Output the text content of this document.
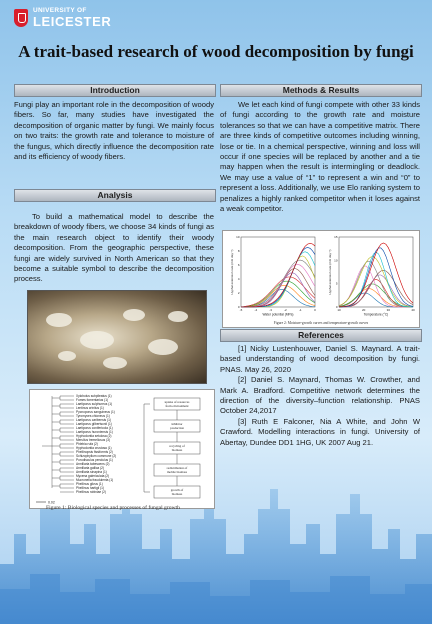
UNIVERSITY OF
LEICESTER
A trait-based research of wood decomposition by fungi
Introduction

Fungi play an important role in the decomposition of woody fibers. So far, many studies have investigated the decomposition of organic matter by fungi. We mainly focus on two traits: the growth rate and tolerance to moisture of the fungus, which directly influence the decomposition rate and its efficiency of woody fibers.

Analysis

To build a mathematical model to describe the breakdown of woody fibers, we choose 34 kinds of fungi as the main research object to identify their woody decomposition. From the geographic perspective, these fungi are widely survived in North American so that they become a suitable symbol to describe the decomposition process.

Xylobolus subpileatus (1)
Fomes fomentarius (1)
Laetiporus sulphureus (1)
Lentinus crinitus (1)
Pycnoporus sanguineus (1)
Tyromyces chioneus (1)
Laetiporus caribensis (1)
Laetiporus gilbertsonii (1)
Laetiporus conifericola (1)
Laetiporus huroniensis (1)
Hyphodontia setulosa (2)
Merulius tremellosus (3)
Phlebia rufa (2)
Hyphodontia crustosa (1)
Phellinopsis fissiformis (2)
Schizophyllum commune (2)
Porodisculus pendulus (1)
Armillaria tabescens (2)
Armillaria gallica (2)
Armillaria sinapina (1)
Mycena galericulata (2)
Mucronella fraudulenta (1)
Phellinus gilvus (1)
Phellinus hartigii (1)
Phellinus robiniae (2)
0.02
uptake of resources
from environment
inhibitor
production
recycling of
biomass
redistribution of
mobile biomass
growth of
biomass
Figure 1: Biological species and processes of fungal growth
Methods & Results

We let each kind of fungi compete with other 33 kinds of fungi according to the growth rate and moisture tolerances so that we can have a competitive matrix. There are three kinds of competitive outcomes including winning, lose or tie. In a chemical perspective, winning and loss will occur if one species will be replaced by another and a tie may happen when the result is intermingling or deadlock. We may use a value of “1” to represent a win and “0” to represent a loss. Additionally, we use Elo ranking system to penalizes a highly ranked competitor when it loses against a weak competitor.

-5	-4	-3	-2	-1	0
0
2
4
6
8
10
Water potential (MPa)
Hyphal extension rate (mm day⁻¹)
10	20	30	40
0
5
10
15
Temperature (°C)
Hyphal extension rate (mm day⁻¹)
Figure 2: Moisture-growth curves and temperature-growth curves
References

[1] Nicky Lustenhouwer, Daniel S. Maynard. A trait-based understanding of wood decomposition by fungi. PNAS. May 26, 2020

[2] Daniel S. Maynard, Thomas W. Crowther, and Mark A. Bradford. Competitive network determines the direction of the diversity–function relationship. PNAS October 24,2017

[3] Ruth E Falconer, Nia A White, and John W Crawford. Modelling interactions in fungi. University of Abertay, Dundee DD1 1HG, UK 2007 Aug 21.
